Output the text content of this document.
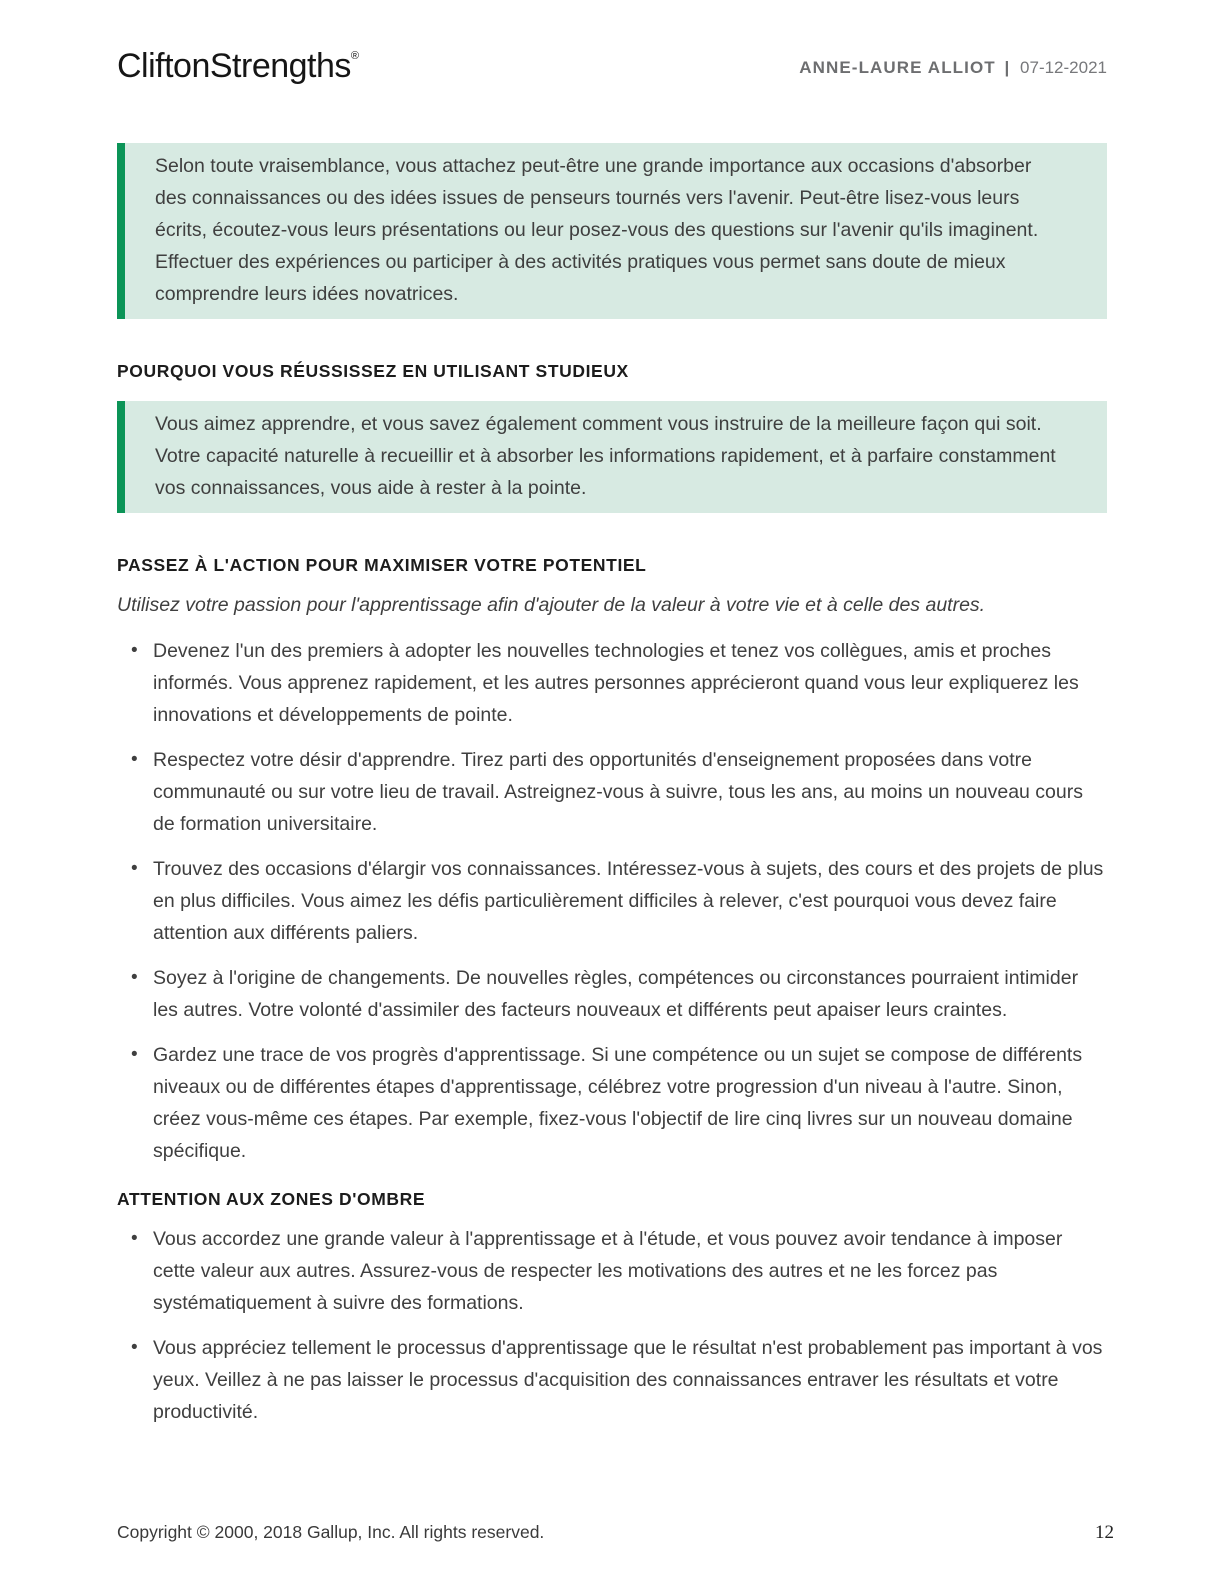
CliftonStrengths®
ANNE-LAURE ALLIOT | 07-12-2021
Selon toute vraisemblance, vous attachez peut-être une grande importance aux occasions d'absorber des connaissances ou des idées issues de penseurs tournés vers l'avenir. Peut-être lisez-vous leurs écrits, écoutez-vous leurs présentations ou leur posez-vous des questions sur l'avenir qu'ils imaginent. Effectuer des expériences ou participer à des activités pratiques vous permet sans doute de mieux comprendre leurs idées novatrices.
POURQUOI VOUS RÉUSSISSEZ EN UTILISANT STUDIEUX
Vous aimez apprendre, et vous savez également comment vous instruire de la meilleure façon qui soit. Votre capacité naturelle à recueillir et à absorber les informations rapidement, et à parfaire constamment vos connaissances, vous aide à rester à la pointe.
PASSEZ À L'ACTION POUR MAXIMISER VOTRE POTENTIEL

Utilisez votre passion pour l'apprentissage afin d'ajouter de la valeur à votre vie et à celle des autres.

• Devenez l'un des premiers à adopter les nouvelles technologies et tenez vos collègues, amis et proches informés. Vous apprenez rapidement, et les autres personnes apprécieront quand vous leur expliquerez les innovations et développements de pointe.
• Respectez votre désir d'apprendre. Tirez parti des opportunités d'enseignement proposées dans votre communauté ou sur votre lieu de travail. Astreignez-vous à suivre, tous les ans, au moins un nouveau cours de formation universitaire.
• Trouvez des occasions d'élargir vos connaissances. Intéressez-vous à sujets, des cours et des projets de plus en plus difficiles. Vous aimez les défis particulièrement difficiles à relever, c'est pourquoi vous devez faire attention aux différents paliers.
• Soyez à l'origine de changements. De nouvelles règles, compétences ou circonstances pourraient intimider les autres. Votre volonté d'assimiler des facteurs nouveaux et différents peut apaiser leurs craintes.
• Gardez une trace de vos progrès d'apprentissage. Si une compétence ou un sujet se compose de différents niveaux ou de différentes étapes d'apprentissage, célébrez votre progression d'un niveau à l'autre. Sinon, créez vous-même ces étapes. Par exemple, fixez-vous l'objectif de lire cinq livres sur un nouveau domaine spécifique.
ATTENTION AUX ZONES D'OMBRE
• Vous accordez une grande valeur à l'apprentissage et à l'étude, et vous pouvez avoir tendance à imposer cette valeur aux autres. Assurez-vous de respecter les motivations des autres et ne les forcez pas systématiquement à suivre des formations.
• Vous appréciez tellement le processus d'apprentissage que le résultat n'est probablement pas important à vos yeux. Veillez à ne pas laisser le processus d'acquisition des connaissances entraver les résultats et votre productivité.
Copyright © 2000, 2018 Gallup, Inc. All rights reserved.	12
